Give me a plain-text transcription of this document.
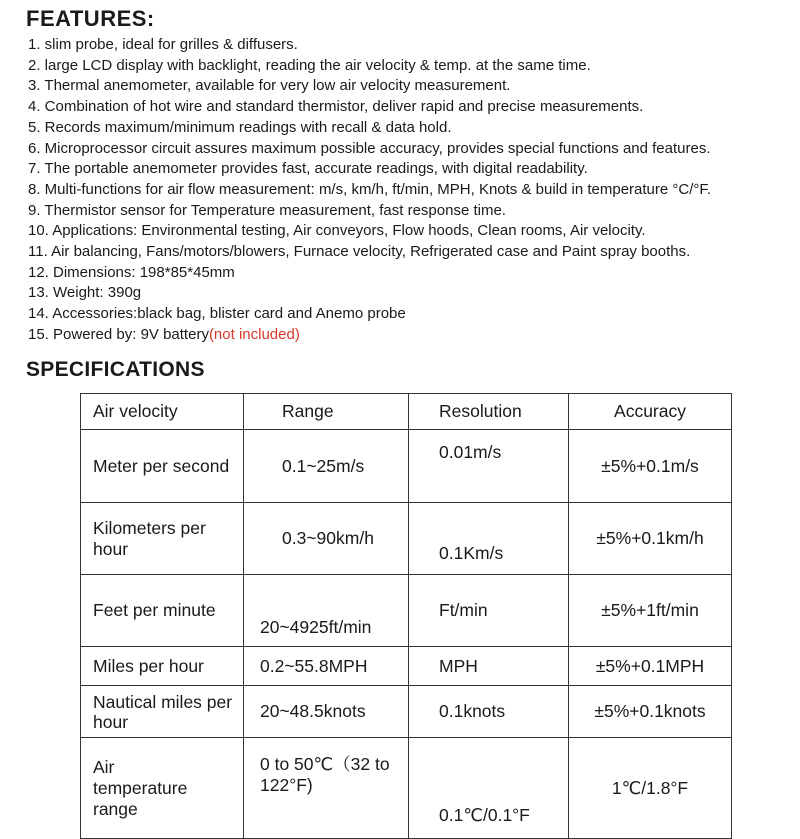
FEATURES:
1. slim probe, ideal for grilles & diffusers.
2. large LCD display with backlight, reading the air velocity & temp. at the same time.
3. Thermal anemometer, available for very low air velocity measurement.
4. Combination of hot wire and standard thermistor, deliver rapid and precise measurements.
5. Records maximum/minimum readings with recall & data hold.
6. Microprocessor circuit assures maximum possible accuracy, provides special functions and features.
7. The portable anemometer provides fast, accurate readings, with digital readability.
8. Multi-functions for air flow measurement: m/s, km/h, ft/min, MPH, Knots & build in temperature °C/°F.
9. Thermistor sensor for Temperature measurement, fast response time.
10. Applications: Environmental testing, Air conveyors, Flow hoods, Clean rooms, Air velocity.
11. Air balancing, Fans/motors/blowers, Furnace velocity, Refrigerated case and Paint spray booths.
12. Dimensions: 198*85*45mm
13. Weight: 390g
14. Accessories:black bag, blister card and Anemo probe
15. Powered by: 9V battery(not included)
SPECIFICATIONS
Air velocity	Range	Resolution	Accuracy
Meter per second	0.1~25m/s	0.01m/s	±5%+0.1m/s
Kilometers per hour	0.3~90km/h	0.1Km/s	±5%+0.1km/h
Feet per minute	20~4925ft/min	Ft/min	±5%+1ft/min
Miles per hour	0.2~55.8MPH	MPH	±5%+0.1MPH
Nautical miles per hour	20~48.5knots	0.1knots	±5%+0.1knots
Air temperature range	0 to 50℃（32 to 122°F)	0.1℃/0.1°F	1℃/1.8°F
